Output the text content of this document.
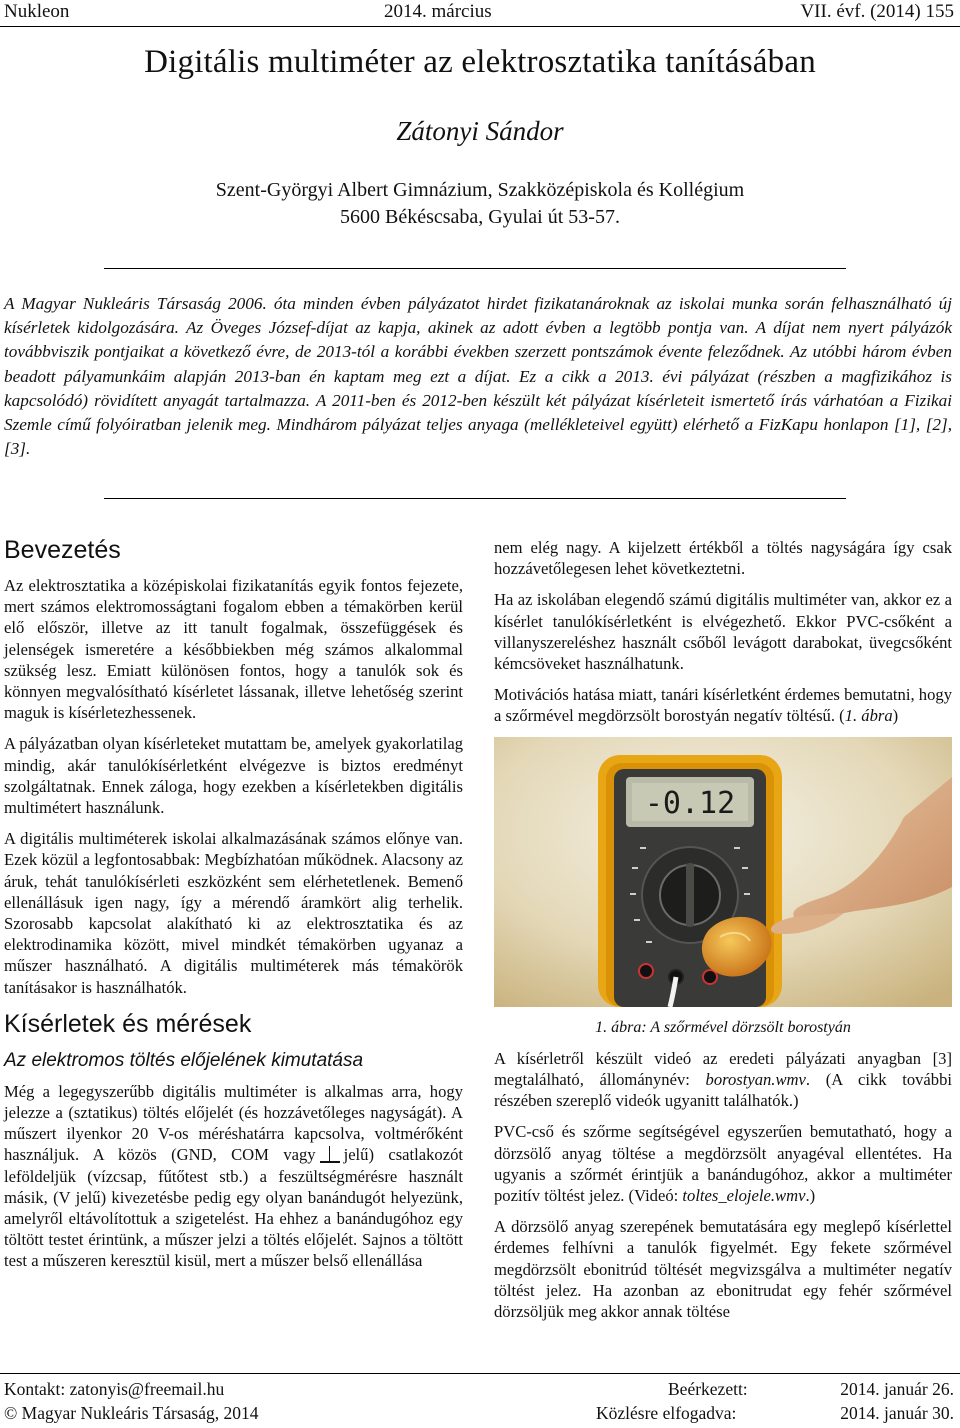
Nukleon	2014. március	VII. évf. (2014) 155
Digitális multiméter az elektrosztatika tanításában
Zátonyi Sándor
Szent-Györgyi Albert Gimnázium, Szakközépiskola és Kollégium
5600 Békéscsaba, Gyulai út 53-57.
A Magyar Nukleáris Társaság 2006. óta minden évben pályázatot hirdet fizikatanároknak az iskolai munka során felhasználható új kísérletek kidolgozására. Az Öveges József-díjat az kapja, akinek az adott évben a legtöbb pontja van. A díjat nem nyert pályázók továbbviszik pontjaikat a következő évre, de 2013-tól a korábbi években szerzett pontszámok évente feleződnek. Az utóbbi három évben beadott pályamunkáim alapján 2013-ban én kaptam meg ezt a díjat. Ez a cikk a 2013. évi pályázat (részben a magfizikához is kapcsolódó) rövidített anyagát tartalmazza. A 2011-ben és 2012-ben készült két pályázat kísérleteit ismertető írás várhatóan a Fizikai Szemle című folyóiratban jelenik meg. Mindhárom pályázat teljes anyaga (mellékleteivel együtt) elérhető a FizKapu honlapon [1], [2], [3].
Bevezetés

Az elektrosztatika a középiskolai fizikatanítás egyik fontos fejezete, mert számos elektromosságtani fogalom ebben a témakörben kerül elő először, illetve az itt tanult fogalmak, összefüggések és jelenségek ismeretére a későbbiekben még számos alkalommal szükség lesz. Emiatt különösen fontos, hogy a tanulók sok és könnyen megvalósítható kísérletet lássanak, illetve lehetőség szerint maguk is kísérletezhessenek.

A pályázatban olyan kísérleteket mutattam be, amelyek gyakorlatilag mindig, akár tanulókísérletként elvégezve is biztos eredményt szolgáltatnak. Ennek záloga, hogy ezekben a kísérletekben digitális multimétert használunk.

A digitális multiméterek iskolai alkalmazásának számos előnye van. Ezek közül a legfontosabbak: Megbízhatóan működnek. Alacsony az áruk, tehát tanulókísérleti eszközként sem elérhetetlenek. Bemenő ellenállásuk igen nagy, így a mérendő áramkört alig terhelik. Szorosabb kapcsolat alakítható ki az elektrosztatika és az elektrodinamika között, mivel mindkét témakörben ugyanaz a műszer használható. A digitális multiméterek más témakörök tanításakor is használhatók.

Kísérletek és mérések
Az elektromos töltés előjelének kimutatása

Még a legegyszerűbb digitális multiméter is alkalmas arra, hogy jelezze a (sztatikus) töltés előjelét (és hozzávetőleges nagyságát). A műszert ilyenkor 20 V-os méréshatárra kapcsolva, voltmérőként használjuk. A közös (GND, COM vagy jelű) csatlakozót leföldeljük (vízcsap, fűtőtest stb.) a feszültségmérésre használt másik, (V jelű) kivezetésbe pedig egy olyan banándugót helyezünk, amelyről eltávolítottuk a szigetelést. Ha ehhez a banándugóhoz egy töltött testet érintünk, a műszer jelzi a töltés előjelét. Sajnos a töltött test a műszeren keresztül kisül, mert a műszer belső ellenállása

nem elég nagy. A kijelzett értékből a töltés nagyságára így csak hozzávetőlegesen lehet következtetni.

Ha az iskolában elegendő számú digitális multiméter van, akkor ez a kísérlet tanulókísérletként is elvégezhető. Ekkor PVC-csőként a villanyszereléshez használt csőből levágott darabokat, üvegcsőként kémcsöveket használhatunk.

Motivációs hatása miatt, tanári kísérletként érdemes bemutatni, hogy a szőrmével megdörzsölt borostyán negatív töltésű. (1. ábra)

-0.12
1. ábra: A szőrmével dörzsölt borostyán

A kísérletről készült videó az eredeti pályázati anyagban [3] megtalálható, állománynév: borostyan.wmv. (A cikk további részében szereplő videók ugyanitt találhatók.)

PVC-cső és szőrme segítségével egyszerűen bemutatható, hogy a dörzsölő anyag töltése a megdörzsölt anyagéval ellentétes. Ha ugyanis a szőrmét érintjük a banándugóhoz, akkor a multiméter pozitív töltést jelez. (Videó: toltes_elojele.wmv.)

A dörzsölő anyag szerepének bemutatására egy meglepő kísérlettel érdemes felhívni a tanulók figyelmét. Egy fekete szőrmével megdörzsölt ebonitrúd töltését megvizsgálva a multiméter negatív töltést jelez. Ha azonban az ebonitrudat egy fehér szőrmével dörzsöljük meg akkor annak töltése

Kontakt: zatonyis@freemail.hu
© Magyar Nukleáris Társaság, 2014
Beérkezett:
Közlésre elfogadva:
2014. január 26.
2014. január 30.
